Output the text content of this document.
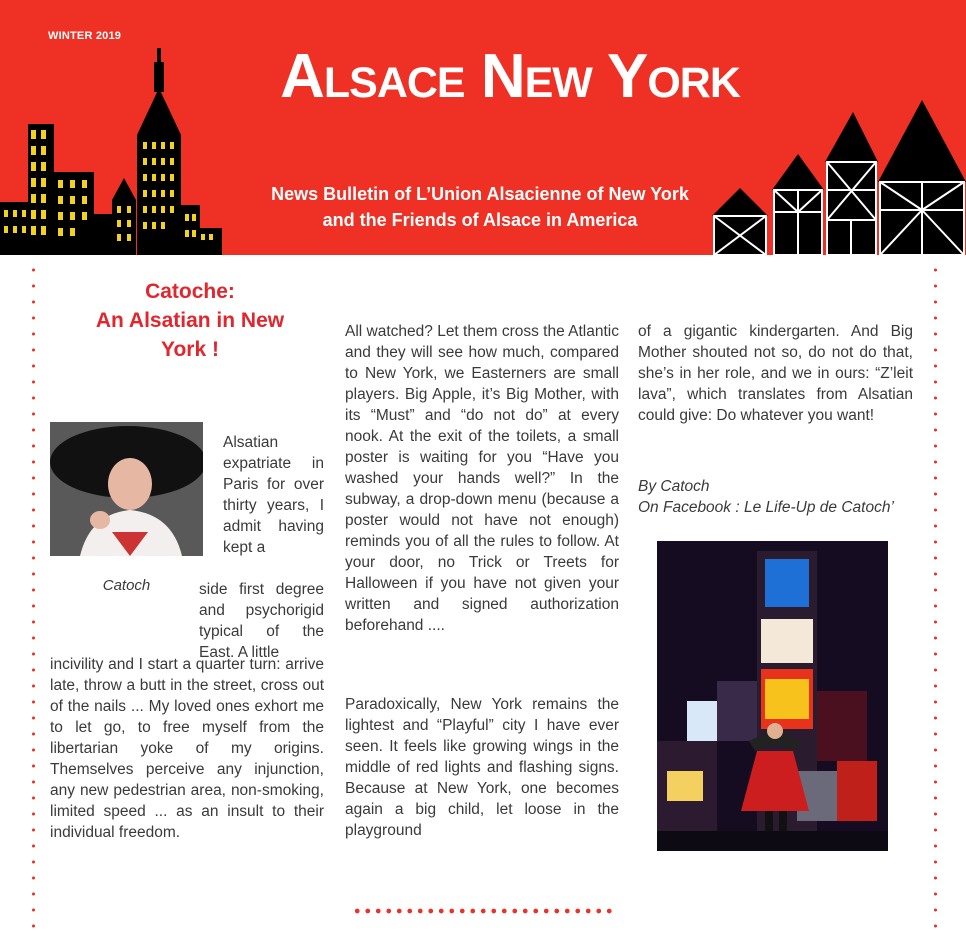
WINTER 2019
Alsace New York
News Bulletin of L’Union Alsacienne of New York
and the Friends of Alsace in America
Catoche:
An Alsatian in New
York !
Catoch
Alsatian expatriate in Paris for over thirty years, I admit having kept a
side first degree and psychorigid typical of the East. A little
incivility and I start a quarter turn: arrive late, throw a butt in the street, cross out of the nails ... My loved ones exhort me to let go, to free myself from the libertarian yoke of my origins. Themselves perceive any injunction, any new pedestrian area, non-smoking, limited speed ... as an insult to their individual freedom.
All watched? Let them cross the Atlantic and they will see how much, compared to New York, we Easterners are small players. Big Apple, it’s Big Mother, with its “Must” and “do not do” at every nook. At the exit of the toilets, a small poster is waiting for you “Have you washed your hands well?” In the subway, a drop-down menu (because a poster would not have not enough) reminds you of all the rules to follow. At your door, no Trick or Treets for Halloween if you have not given your written and signed authorization beforehand ....
Paradoxically, New York remains the lightest and “Playful” city I have ever seen. It feels like growing wings in the middle of red lights and flashing signs. Because at New York, one becomes again a big child, let loose in the playground
of a gigantic kindergarten. And Big Mother shouted not so, do not do that, she’s in her role, and we in ours: “Z’leit lava”, which translates from Alsatian could give: Do whatever you want!
By Catoch
On Facebook : Le Life-Up de Catoch’
